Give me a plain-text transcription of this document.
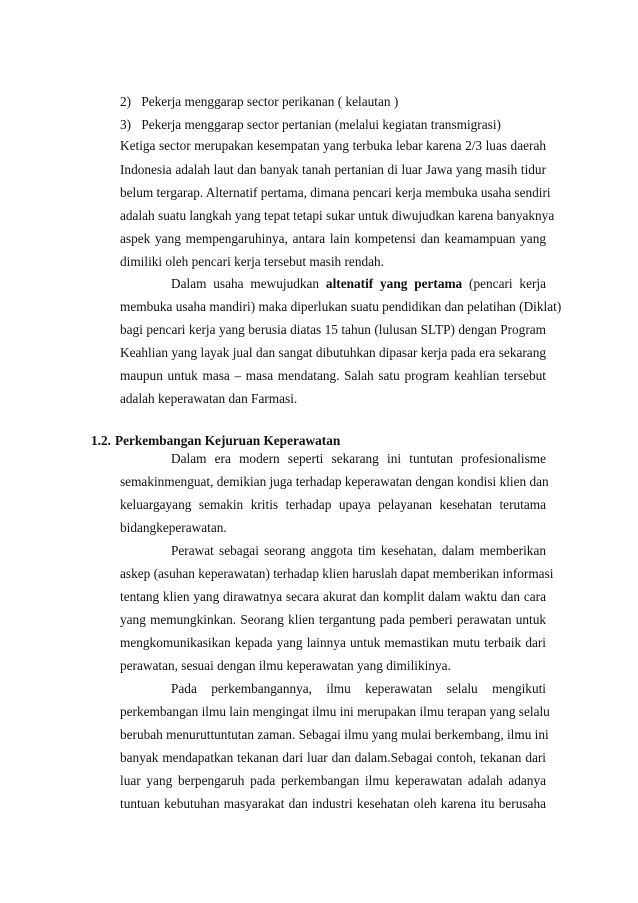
2) Pekerja menggarap sector perikanan ( kelautan )
3) Pekerja menggarap sector pertanian (melalui kegiatan transmigrasi)
Ketiga sector merupakan kesempatan yang terbuka lebar karena 2/3 luas daerah
Indonesia adalah laut dan banyak tanah pertanian di luar Jawa yang masih tidur
belum tergarap. Alternatif pertama, dimana pencari kerja membuka usaha sendiri
adalah suatu langkah yang tepat tetapi sukar untuk diwujudkan karena banyaknya
aspek yang mempengaruhinya, antara lain kompetensi dan keamampuan yang
dimiliki oleh pencari kerja tersebut masih rendah.
Dalam usaha mewujudkan altenatif yang pertama (pencari kerja
membuka usaha mandiri) maka diperlukan suatu pendidikan dan pelatihan (Diklat)
bagi pencari kerja yang berusia diatas 15 tahun (lulusan SLTP) dengan Program
Keahlian yang layak jual dan sangat dibutuhkan dipasar kerja pada era sekarang
maupun untuk masa – masa mendatang. Salah satu program keahlian tersebut
adalah keperawatan dan Farmasi.
1.2. Perkembangan Kejuruan Keperawatan
Dalam era modern seperti sekarang ini tuntutan profesionalisme
semakinmenguat, demikian juga terhadap keperawatan dengan kondisi klien dan
keluargayang semakin kritis terhadap upaya pelayanan kesehatan terutama
bidangkeperawatan.
Perawat sebagai seorang anggota tim kesehatan, dalam memberikan
askep (asuhan keperawatan) terhadap klien haruslah dapat memberikan informasi
tentang klien yang dirawatnya secara akurat dan komplit dalam waktu dan cara
yang memungkinkan. Seorang klien tergantung pada pemberi perawatan untuk
mengkomunikasikan kepada yang lainnya untuk memastikan mutu terbaik dari
perawatan, sesuai dengan ilmu keperawatan yang dimilikinya.
Pada perkembangannya, ilmu keperawatan selalu mengikuti
perkembangan ilmu lain mengingat ilmu ini merupakan ilmu terapan yang selalu
berubah menuruttuntutan zaman. Sebagai ilmu yang mulai berkembang, ilmu ini
banyak mendapatkan tekanan dari luar dan dalam.Sebagai contoh, tekanan dari
luar yang berpengaruh pada perkembangan ilmu keperawatan adalah adanya
tuntuan kebutuhan masyarakat dan industri kesehatan oleh karena itu berusaha
